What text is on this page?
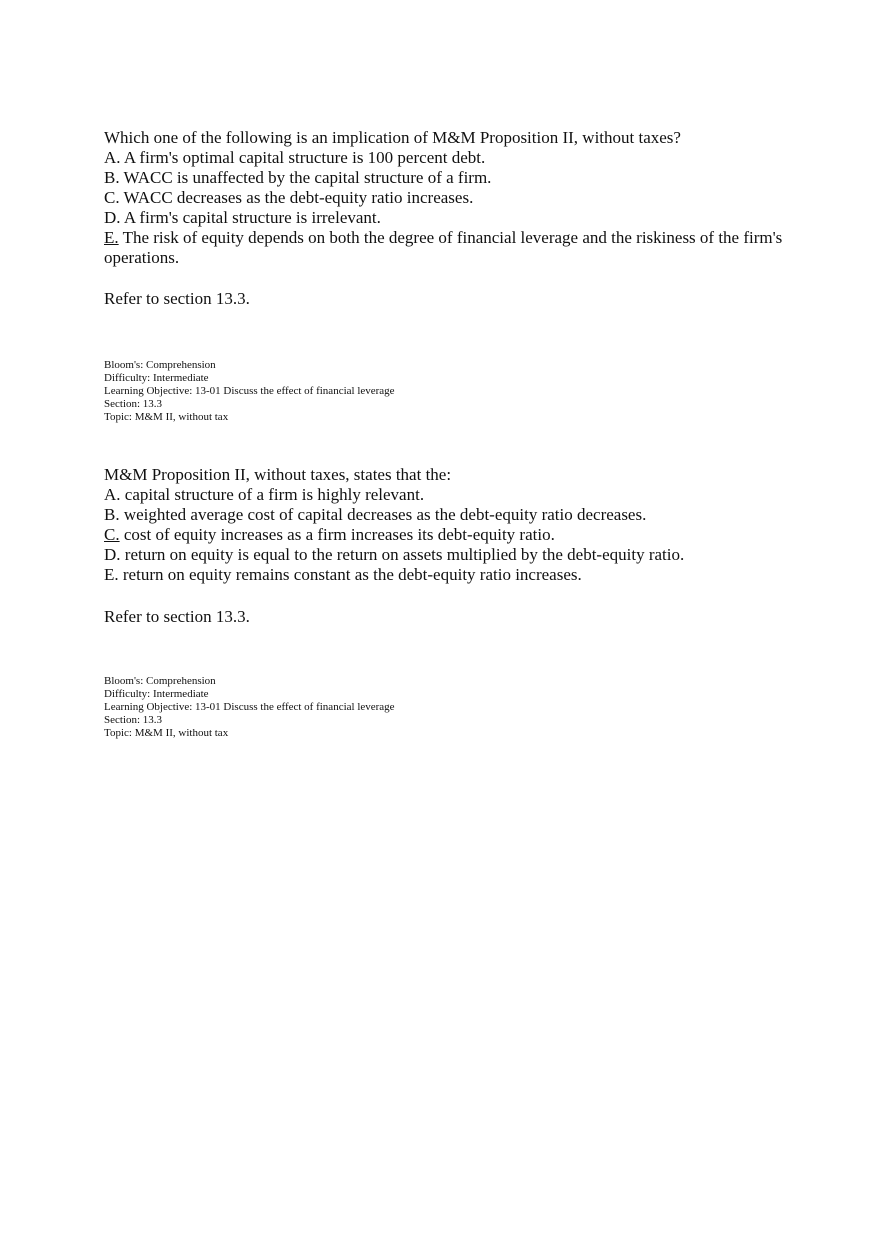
Which one of the following is an implication of M&M Proposition II, without taxes?

A. A firm's optimal capital structure is 100 percent debt.

B. WACC is unaffected by the capital structure of a firm.

C. WACC decreases as the debt-equity ratio increases.

D. A firm's capital structure is irrelevant.

E. The risk of equity depends on both the degree of financial leverage and the riskiness of the firm's operations.

Refer to section 13.3.

Bloom's: Comprehension

Difficulty: Intermediate

Learning Objective: 13-01 Discuss the effect of financial leverage

Section: 13.3

Topic: M&M II, without tax

M&M Proposition II, without taxes, states that the:

A. capital structure of a firm is highly relevant.

B. weighted average cost of capital decreases as the debt-equity ratio decreases.

C. cost of equity increases as a firm increases its debt-equity ratio.

D. return on equity is equal to the return on assets multiplied by the debt-equity ratio.

E. return on equity remains constant as the debt-equity ratio increases.

Refer to section 13.3.

Bloom's: Comprehension

Difficulty: Intermediate

Learning Objective: 13-01 Discuss the effect of financial leverage

Section: 13.3

Topic: M&M II, without tax
